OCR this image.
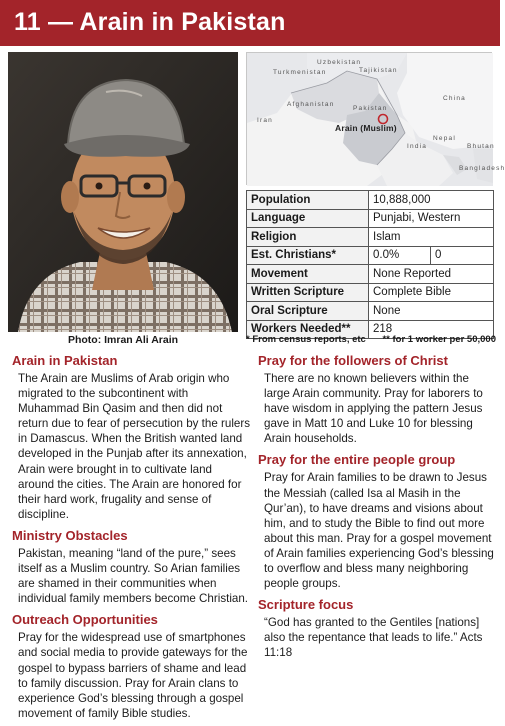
11 — Arain in Pakistan
Photo: Imran Ali Arain
Uzbekistan
Tajikistan
Turkmenistan
Afghanistan
China
Iran
Pakistan
Arain (Muslim)
Nepal
India	Bhutan
Bangladesh
Population	10,888,000	
Language	Punjabi, Western	
Religion	Islam	
Est. Christians*	0.0%	0
Movement	None Reported	
Written Scripture	Complete Bible	
Oral Scripture	None	
Workers Needed**	218	
* From census reports, etc ** for 1 worker per 50,000
Arain in Pakistan

The Arain are Muslims of Arab origin who migrated to the subcontinent with Muhammad Bin Qasim and then did not return due to fear of persecution by the rulers in Damascus. When the British wanted land developed in the Punjab after its annexation, Arain were brought in to cultivate land around the cities. The Arain are honored for their hard work, frugality and sense of discipline.

Ministry Obstacles

Pakistan, meaning “land of the pure,” sees itself as a Muslim country. So Arian families are shamed in their communities when individual family members become Christian.

Outreach Opportunities

Pray for the widespread use of smartphones and social media to provide gateways for the gospel to bypass barriers of shame and lead to family discussion. Pray for Arain clans to experience God’s blessing through a gospel movement of family Bible studies.

Pray for the followers of Christ

There are no known believers within the large Arain community. Pray for laborers to have wisdom in applying the pattern Jesus gave in Matt 10 and Luke 10 for blessing Arain households.

Pray for the entire people group

Pray for Arain families to be drawn to Jesus the Messiah (called Isa al Masih in the Qur’an), to have dreams and visions about him, and to study the Bible to find out more about this man. Pray for a gospel movement of Arain families experiencing God’s blessing to overflow and bless many neighboring people groups.

Scripture focus

“God has granted to the Gentiles [nations] also the repentance that leads to life.” Acts 11:18
